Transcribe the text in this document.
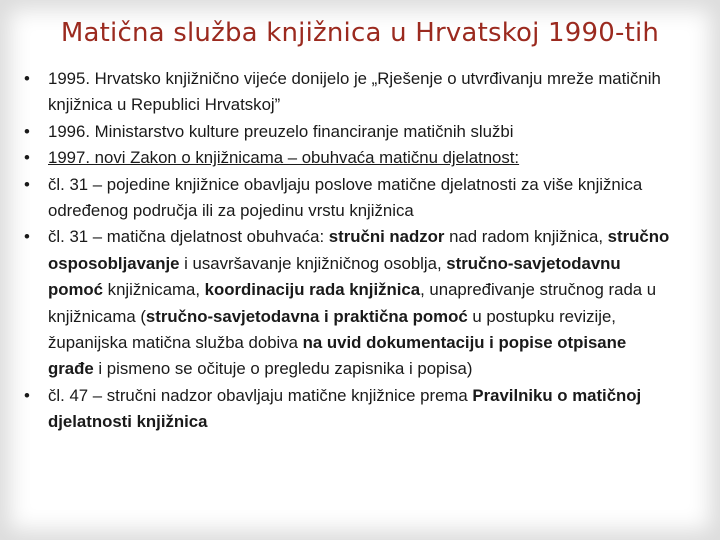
Matična služba knjižnica u Hrvatskoj 1990-tih
• 1995. Hrvatsko knjižnično vijeće donijelo je „Rješenje o utvrđivanju mreže matičnih knjižnica u Republici Hrvatskoj”
• 1996. Ministarstvo kulture preuzelo financiranje matičnih službi
• 1997. novi Zakon o knjižnicama – obuhvaća matičnu djelatnost:
• čl. 31 – pojedine knjižnice obavljaju poslove matične djelatnosti za više knjižnica određenog područja ili za pojedinu vrstu knjižnica
• čl. 31 – matična djelatnost obuhvaća: stručni nadzor nad radom knjižnica, stručno osposobljavanje i usavršavanje knjižničnog osoblja, stručno-savjetodavnu pomoć knjižnicama, koordinaciju rada knjižnica, unapređivanje stručnog rada u knjižnicama (stručno-savjetodavna i praktična pomoć u postupku revizije, županijska matična služba dobiva na uvid dokumentaciju i popise otpisane građe i pismeno se očituje o pregledu zapisnika i popisa)
• čl. 47 – stručni nadzor obavljaju matične knjižnice prema Pravilniku o matičnoj djelatnosti knjižnica
